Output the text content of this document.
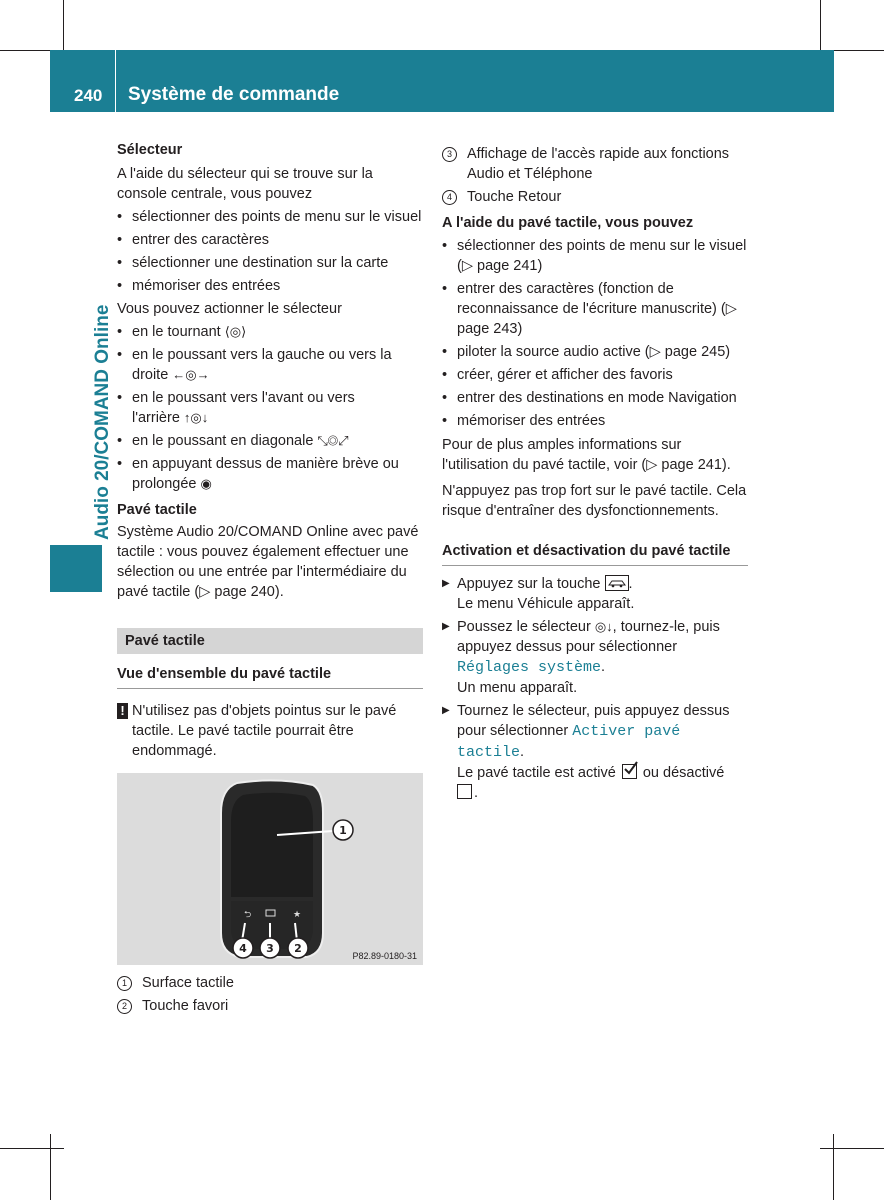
240 Système de commande
Audio 20/COMAND Online

Sélecteur

A l'aide du sélecteur qui se trouve sur la console centrale, vous pouvez

• sélectionner des points de menu sur le visuel
• entrer des caractères
• sélectionner une destination sur la carte
• mémoriser des entrées

Vous pouvez actionner le sélecteur

• en le tournant ⟨◎⟩
• en le poussant vers la gauche ou vers la droite ←◎→
• en le poussant vers l'avant ou vers l'arrière ↑◎↓
• en le poussant en diagonale ⤡◎⤢
• en appuyant dessus de manière brève ou prolongée ◉

Pavé tactile

Système Audio 20/COMAND Online avec pavé tactile : vous pouvez également effectuer une sélection ou une entrée par l'intermédiaire du pavé tactile (▷ page 240).

Pavé tactile
Vue d'ensemble du pavé tactile
! N'utilisez pas d'objets pointus sur le pavé tactile. Le pavé tactile pourrait être endommagé.
⮌	★
1
4 3 2
P82.89-0180-31
1	Surface tactile
2	Touche favori
3	Affichage de l'accès rapide aux fonctions Audio et Téléphone
4	Touche Retour

A l'aide du pavé tactile, vous pouvez

• sélectionner des points de menu sur le visuel (▷ page 241)
• entrer des caractères (fonction de reconnaissance de l'écriture manuscrite) (▷ page 243)
• piloter la source audio active (▷ page 245)
• créer, gérer et afficher des favoris
• entrer des destinations en mode Navigation
• mémoriser des entrées

Pour de plus amples informations sur l'utilisation du pavé tactile, voir (▷ page 241).

N'appuyez pas trop fort sur le pavé tactile. Cela risque d'entraîner des dysfonctionnements.

Activation et désactivation du pavé tactile
▶ Appuyez sur la touche .
Le menu Véhicule apparaît.
▶ Poussez le sélecteur ◎↓, tournez-le, puis appuyez dessus pour sélectionner Réglages système.
Un menu apparaît.
▶ Tournez le sélecteur, puis appuyez dessus pour sélectionner Activer pavé tactile.
Le pavé tactile est activé ou désactivé
.
